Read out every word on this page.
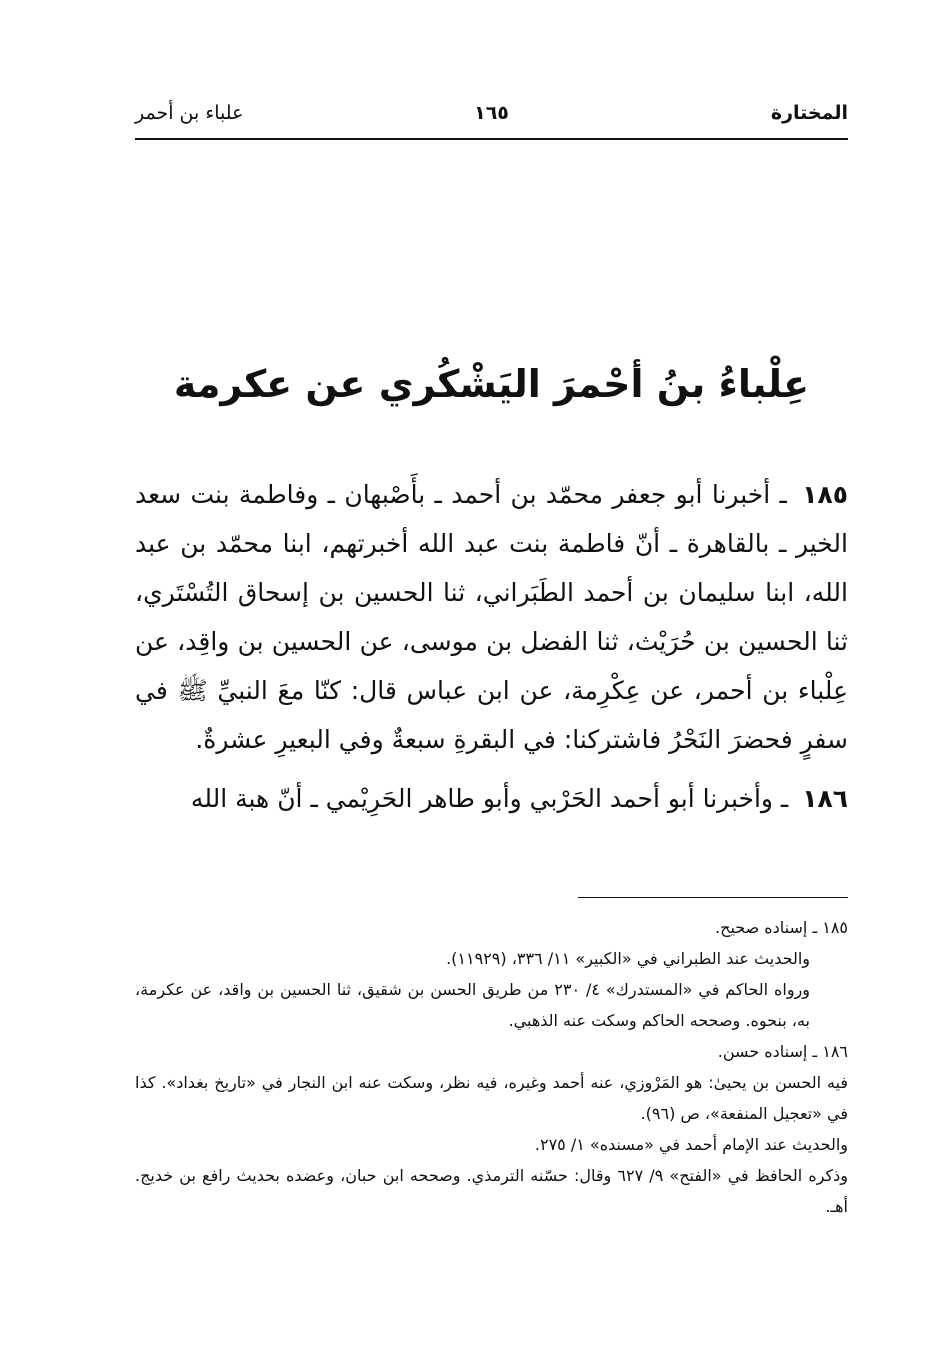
المختارة
١٦٥
علباء بن أحمر
عِلْباءُ بنُ أحْمرَ اليَشْكُري عن عكرمة

١٨٥ ـ أخبرنا أبو جعفر محمّد بن أحمد ـ بأَصْبهان ـ وفاطمة بنت سعد الخير ـ بالقاهرة ـ أنّ فاطمة بنت عبد الله أخبرتهم، ابنا محمّد بن عبد الله، ابنا سليمان بن أحمد الطَبَراني، ثنا الحسين بن إسحاق التُسْتَري، ثنا الحسين بن حُرَيْث، ثنا الفضل بن موسى، عن الحسين بن واقِد، عن عِلْباء بن أحمر، عن عِكْرِمة، عن ابن عباس قال: كنّا معَ النبيِّ ﷺ في سفرٍ فحضرَ النَحْرُ فاشتركنا: في البقرةِ سبعةٌ وفي البعيرِ عشرةٌ.

١٨٦ ـ وأخبرنا أبو أحمد الحَرْبي وأبو طاهر الحَرِيْمي ـ أنّ هبة الله

١٨٥ ـ إسناده صحيح.

والحديث عند الطبراني في «الكبير» ١١/ ٣٣٦، (١١٩٢٩).

ورواه الحاكم في «المستدرك» ٤/ ٢٣٠ من طريق الحسن بن شقيق، ثنا الحسين بن واقد، عن عكرمة، به، بنحوه. وصححه الحاكم وسكت عنه الذهبي.

١٨٦ ـ إسناده حسن.

فيه الحسن بن يحيىٰ: هو المَرْوزي، عنه أحمد وغيره، فيه نظر، وسكت عنه ابن النجار في «تاريخ بغداد». كذا في «تعجيل المنفعة»، ص (٩٦).

والحديث عند الإمام أحمد في «مسنده» ١/ ٢٧٥.

وذكره الحافظ في «الفتح» ٩/ ٦٢٧ وقال: حسّنه الترمذي. وصححه ابن حبان، وعضده بحديث رافع بن خديج. أهـ.
